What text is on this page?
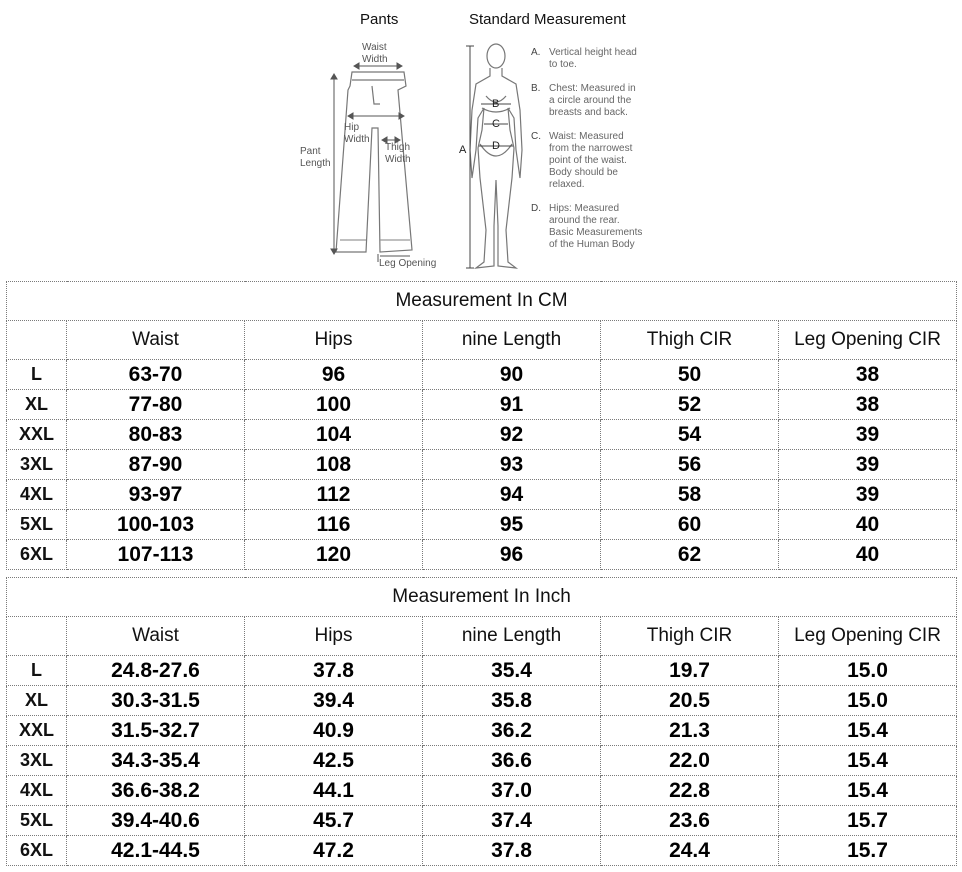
Pants	Standard Measurement
Waist
Width
Hip
Width
Pant
Length
Thigh
Width
Leg Opening
A
B
C
D
A. Vertical height head
to toe.
B. Chest: Measured in
a circle around the
breasts and back.
C. Waist: Measured
from the narrowest
point of the waist.
Body should be
relaxed.
D. Hips: Measured
around the rear.
Basic Measurements
of the Human Body
Measurement In CM					
	Waist	Hips	nine Length	Thigh CIR	Leg Opening CIR
L	63-70	96	90	50	38
XL	77-80	100	91	52	38
XXL	80-83	104	92	54	39
3XL	87-90	108	93	56	39
4XL	93-97	112	94	58	39
5XL	100-103	116	95	60	40
6XL	107-113	120	96	62	40
Measurement In Inch					
	Waist	Hips	nine Length	Thigh CIR	Leg Opening CIR
L	24.8-27.6	37.8	35.4	19.7	15.0
XL	30.3-31.5	39.4	35.8	20.5	15.0
XXL	31.5-32.7	40.9	36.2	21.3	15.4
3XL	34.3-35.4	42.5	36.6	22.0	15.4
4XL	36.6-38.2	44.1	37.0	22.8	15.4
5XL	39.4-40.6	45.7	37.4	23.6	15.7
6XL	42.1-44.5	47.2	37.8	24.4	15.7
